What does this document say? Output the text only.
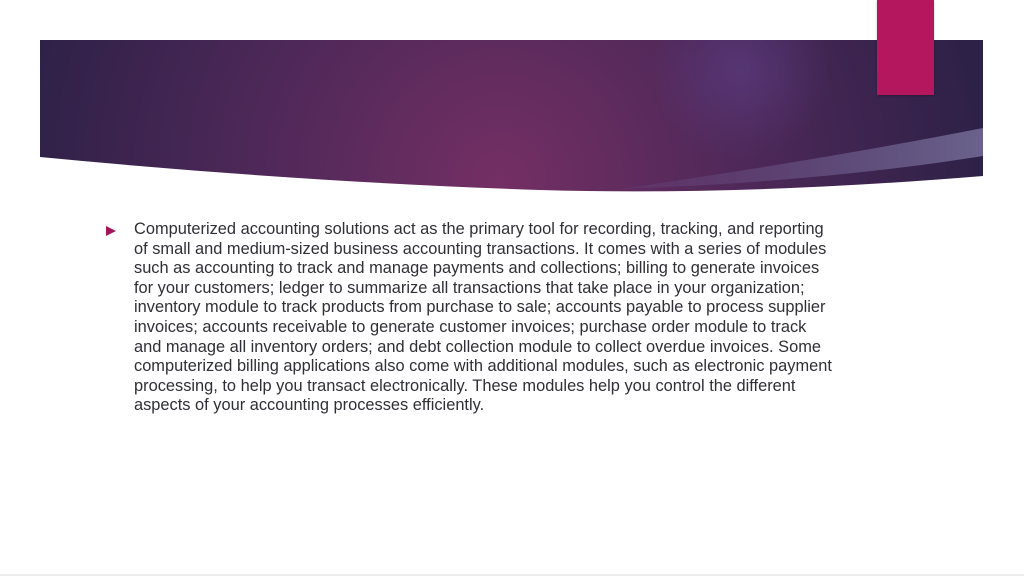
Computerized accounting solutions act as the primary tool for recording, tracking, and reporting of small and medium-sized business accounting transactions. It comes with a series of modules such as accounting to track and manage payments and collections; billing to generate invoices for your customers; ledger to summarize all transactions that take place in your organization; inventory module to track products from purchase to sale; accounts payable to process supplier invoices; accounts receivable to generate customer invoices; purchase order module to track and manage all inventory orders; and debt collection module to collect overdue invoices. Some computerized billing applications also come with additional modules, such as electronic payment processing, to help you transact electronically. These modules help you control the different aspects of your accounting processes efficiently.
